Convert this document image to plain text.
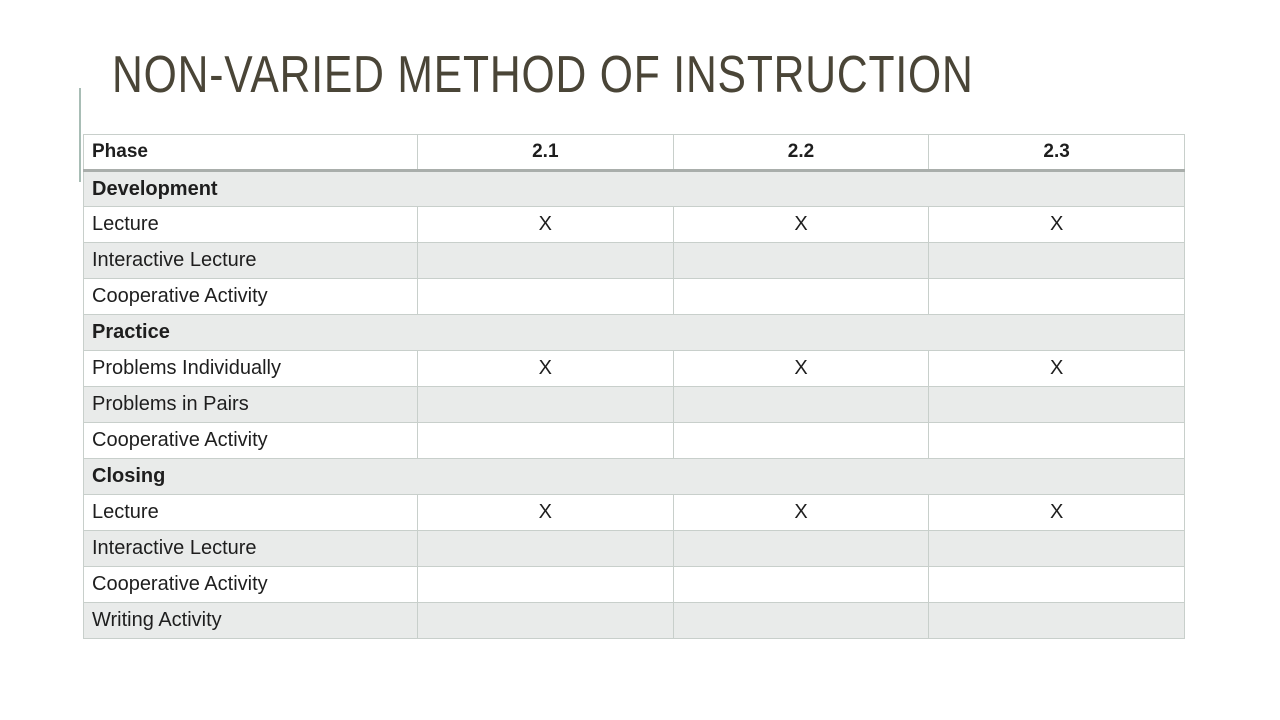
NON-VARIED METHOD OF INSTRUCTION
Phase	2.1	2.2	2.3
Development			
Lecture	X	X	X
Interactive Lecture			
Cooperative Activity			
Practice			
Problems Individually	X	X	X
Problems in Pairs			
Cooperative Activity			
Closing			
Lecture	X	X	X
Interactive Lecture			
Cooperative Activity			
Writing Activity			
